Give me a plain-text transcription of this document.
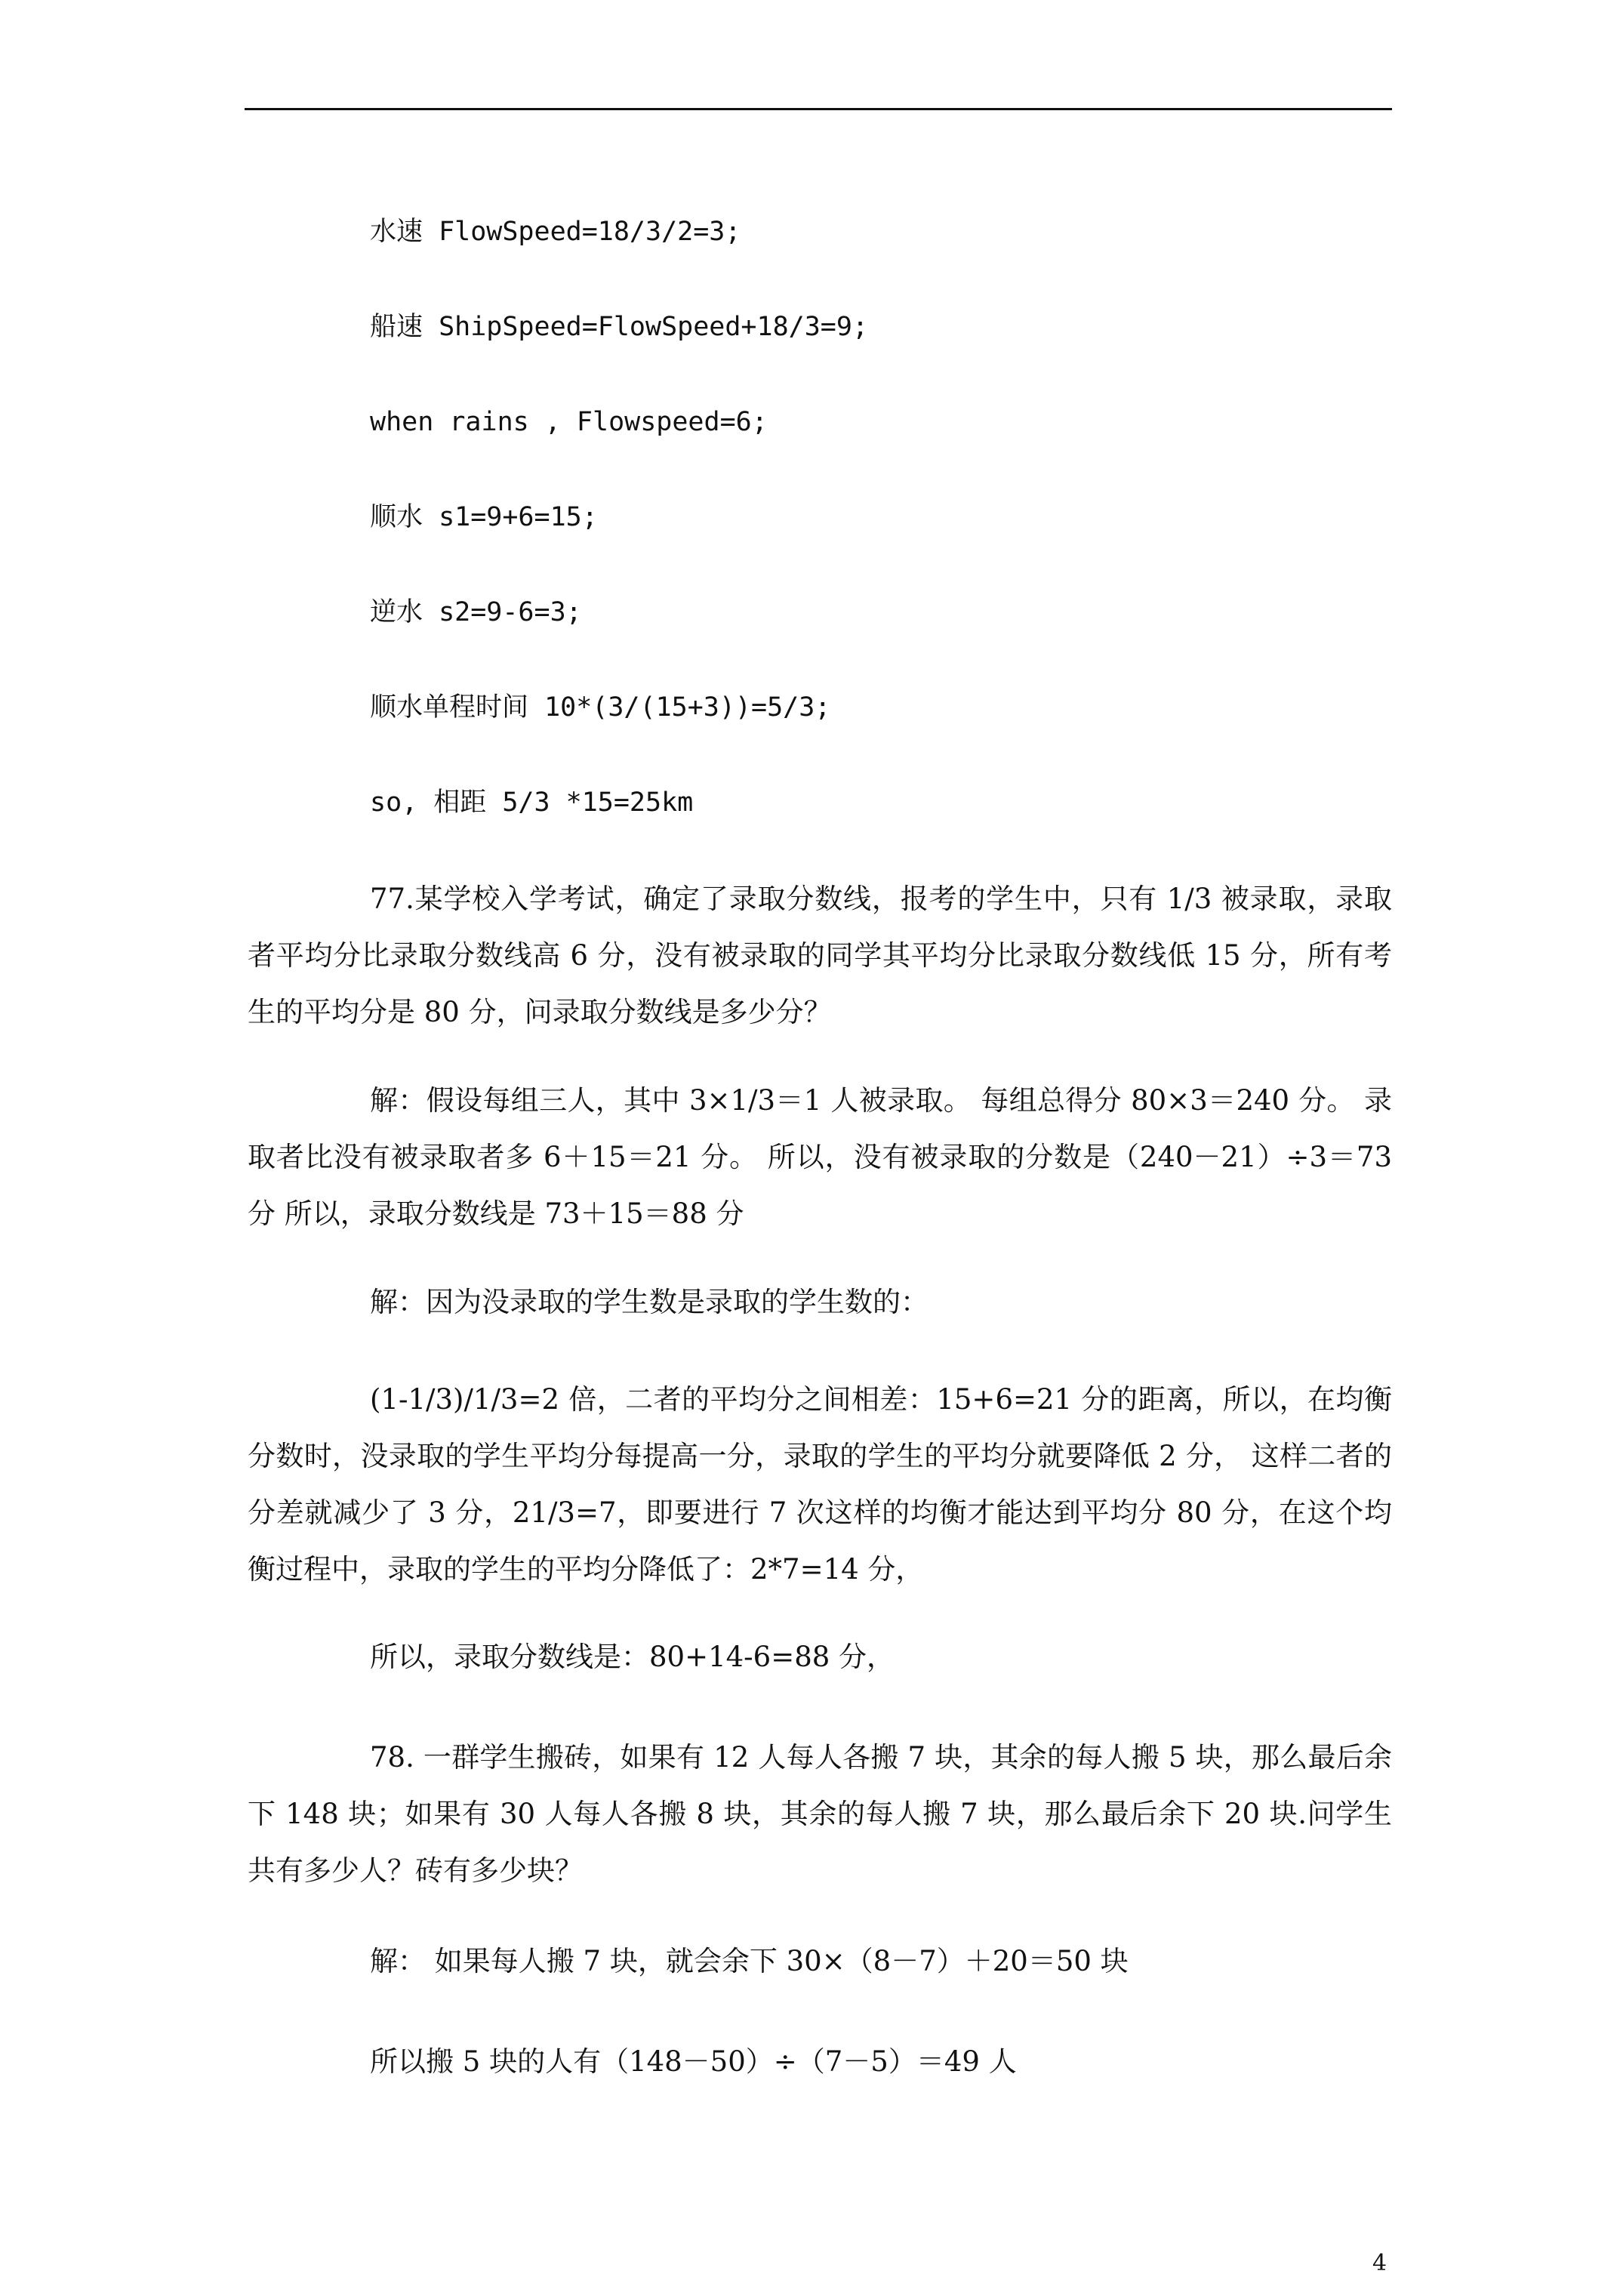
水速 FlowSpeed=18/3/2=3;

船速 ShipSpeed=FlowSpeed+18/3=9;

when rains , Flowspeed=6;

顺水 s1=9+6=15;

逆水 s2=9-6=3;

顺水单程时间 10*(3/(15+3))=5/3;

so, 相距 5/3 *15=25km

77.某学校入学考试，确定了录取分数线，报考的学生中，只有 1/3 被录取，录取者平均分比录取分数线高 6 分，没有被录取的同学其平均分比录取分数线低 15 分，所有考生的平均分是 80 分，问录取分数线是多少分？

解：假设每组三人，其中 3×1/3＝1 人被录取。 每组总得分 80×3＝240 分。 录取者比没有被录取者多 6＋15＝21 分。 所以，没有被录取的分数是（240－21）÷3＝73 分 所以，录取分数线是 73＋15＝88 分

解：因为没录取的学生数是录取的学生数的：

(1-1/3)/1/3=2 倍，二者的平均分之间相差：15+6=21 分的距离，所以，在均衡分数时，没录取的学生平均分每提高一分，录取的学生的平均分就要降低 2 分， 这样二者的分差就减少了 3 分，21/3=7，即要进行 7 次这样的均衡才能达到平均分 80 分，在这个均衡过程中，录取的学生的平均分降低了：2*7=14 分，

所以，录取分数线是：80+14-6=88 分，

78. 一群学生搬砖，如果有 12 人每人各搬 7 块，其余的每人搬 5 块，那么最后余下 148 块；如果有 30 人每人各搬 8 块，其余的每人搬 7 块，那么最后余下 20 块.问学生共有多少人？砖有多少块？

解： 如果每人搬 7 块，就会余下 30×（8－7）＋20＝50 块

所以搬 5 块的人有（148－50）÷（7－5）＝49 人

4
